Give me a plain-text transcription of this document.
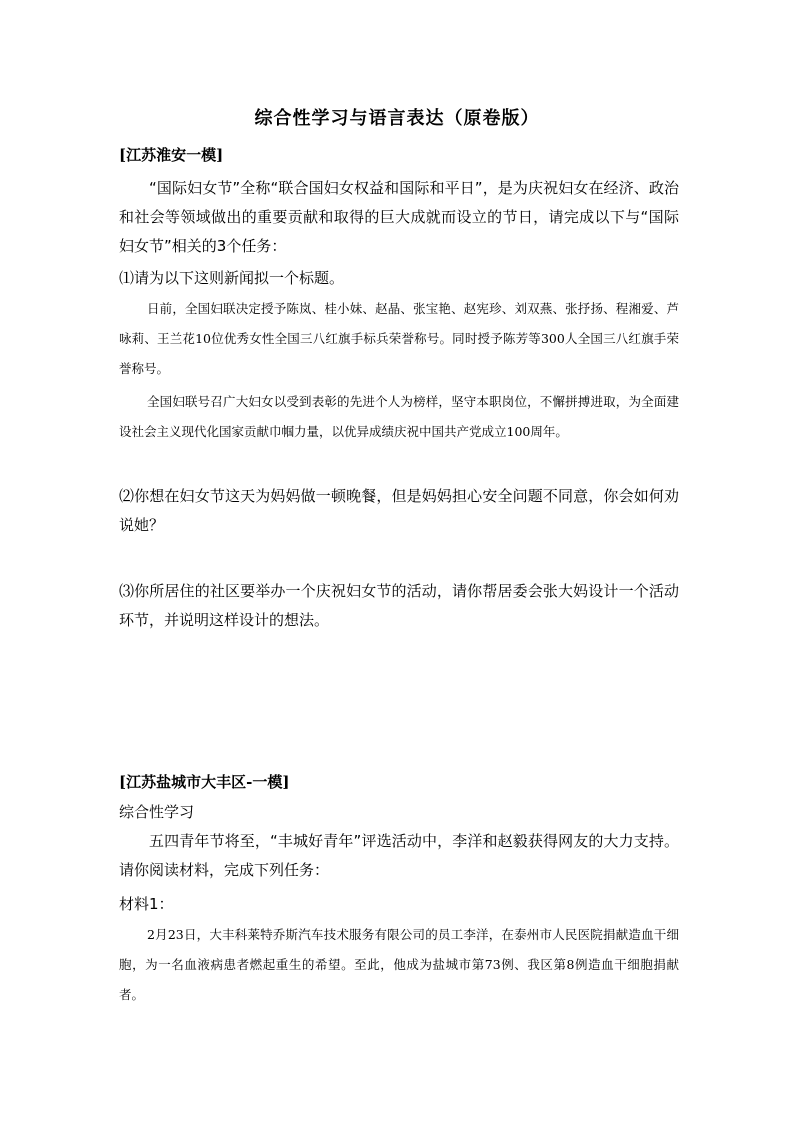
综合性学习与语言表达（原卷版）
[江苏淮安一模]
“国际妇女节”全称“联合国妇女权益和国际和平日”，是为庆祝妇女在经济、政治和社会等领域做出的重要贡献和取得的巨大成就而设立的节日，请完成以下与“国际妇女节”相关的3个任务：
⑴请为以下这则新闻拟一个标题。
日前，全国妇联决定授予陈岚、桂小妹、赵晶、张宝艳、赵宪珍、刘双燕、张抒扬、程湘爱、芦咏莉、王兰花10位优秀女性全国三八红旗手标兵荣誉称号。同时授予陈芳等300人全国三八红旗手荣誉称号。
全国妇联号召广大妇女以受到表彰的先进个人为榜样，坚守本职岗位，不懈拼搏进取，为全面建设社会主义现代化国家贡献巾帼力量，以优异成绩庆祝中国共产党成立100周年。
⑵你想在妇女节这天为妈妈做一顿晚餐，但是妈妈担心安全问题不同意，你会如何劝说她？
⑶你所居住的社区要举办一个庆祝妇女节的活动，请你帮居委会张大妈设计一个活动环节，并说明这样设计的想法。
[江苏盐城市大丰区-一模]
综合性学习
五四青年节将至，“丰城好青年”评选活动中，李洋和赵毅获得网友的大力支持。请你阅读材料，完成下列任务：
材料1：
2月23日，大丰科莱特乔斯汽车技术服务有限公司的员工李洋，在泰州市人民医院捐献造血干细胞，为一名血液病患者燃起重生的希望。至此，他成为盐城市第73例、我区第8例造血干细胞捐献者。
